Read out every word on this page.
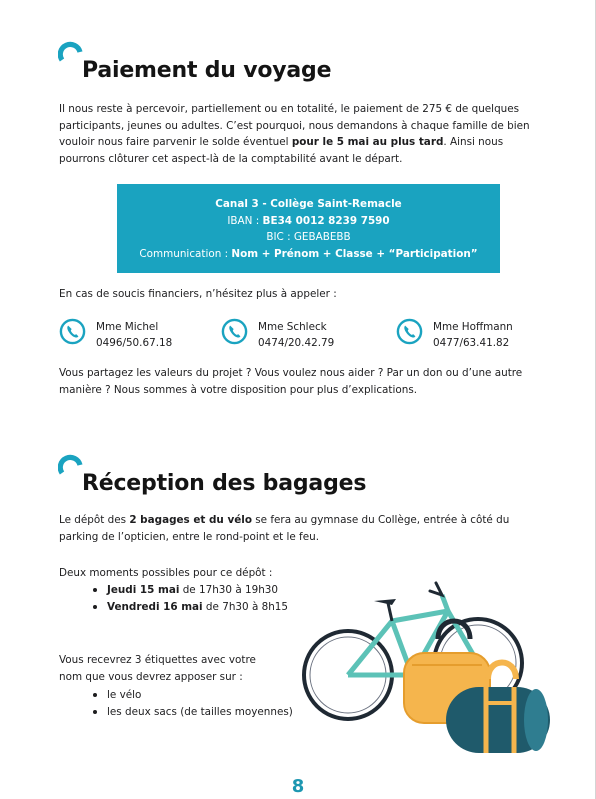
Paiement du voyage
Il nous reste à percevoir, partiellement ou en totalité, le paiement de 275 € de quelques participants, jeunes ou adultes. C’est pourquoi, nous demandons à chaque famille de bien vouloir nous faire parvenir le solde éventuel pour le 5 mai au plus tard. Ainsi nous pourrons clôturer cet aspect-là de la comptabilité avant le départ.
Canal 3 - Collège Saint-Remacle
IBAN : BE34 0012 8239 7590
BIC : GEBABEBB
Communication : Nom + Prénom + Classe + “Participation”
En cas de soucis financiers, n’hésitez plus à appeler :
Mme Michel
0496/50.67.18
Mme Schleck
0474/20.42.79
Mme Hoffmann
0477/63.41.82
Vous partagez les valeurs du projet ? Vous voulez nous aider ? Par un don ou d’une autre manière ? Nous sommes à votre disposition pour plus d’explications.
Réception des bagages
Le dépôt des 2 bagages et du vélo se fera au gymnase du Collège, entrée à côté du parking de l’opticien, entre le rond-point et le feu.
Deux moments possibles pour ce dépôt :
Jeudi 15 mai de 17h30 à 19h30
Vendredi 16 mai de 7h30 à 8h15
Vous recevrez 3 étiquettes avec votre
nom que vous devrez apposer sur :
le vélo
les deux sacs (de tailles moyennes)
8
